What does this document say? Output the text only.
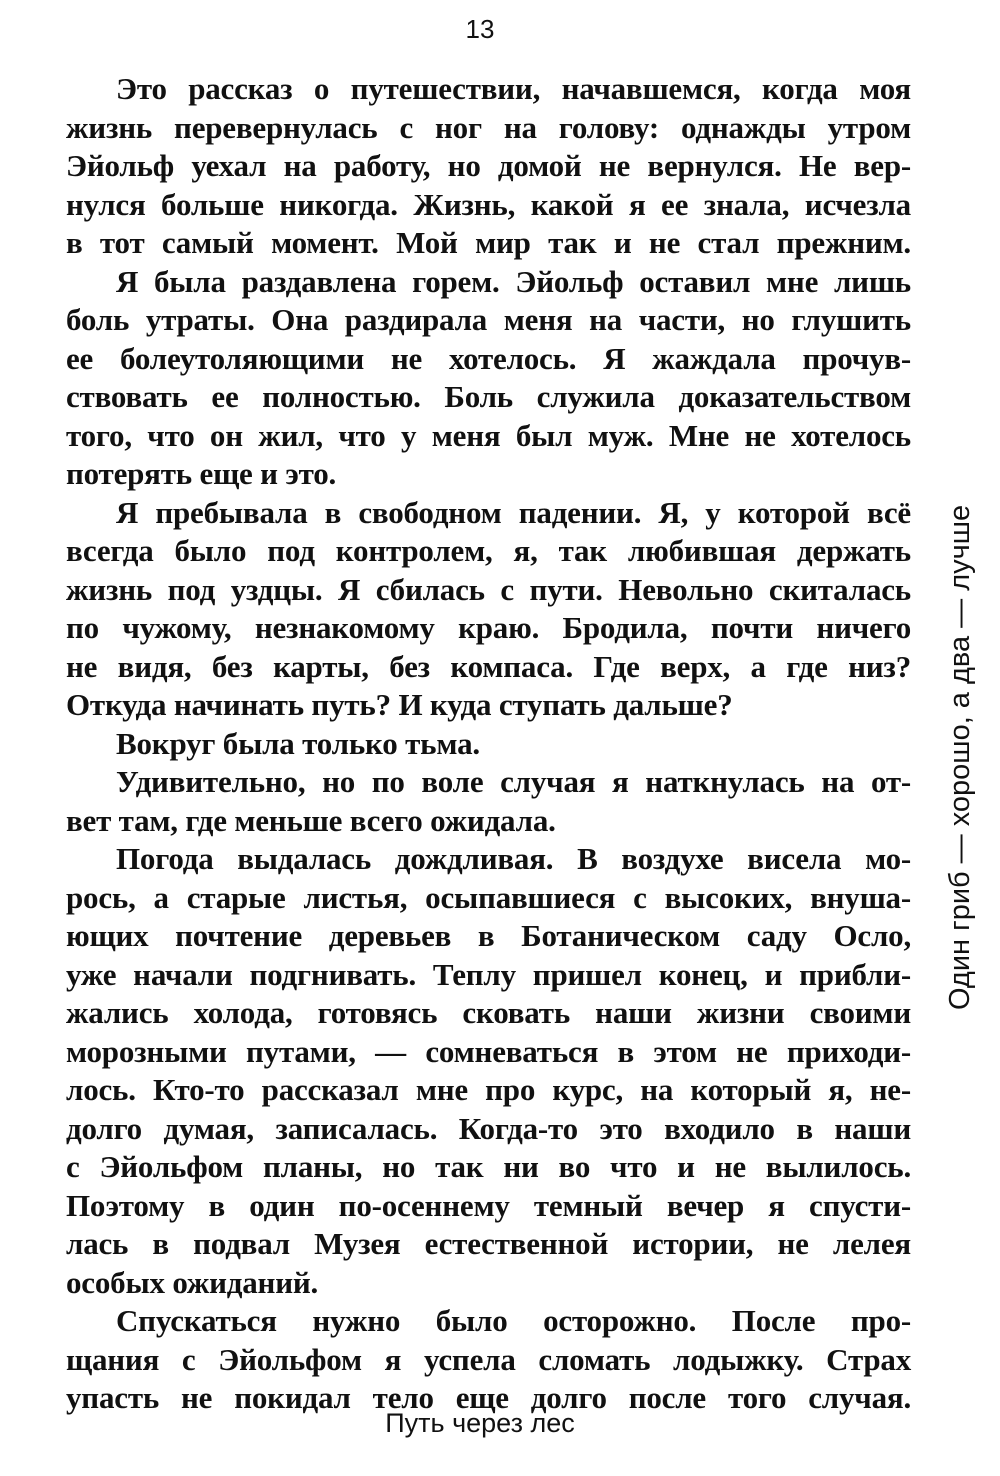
13

Это рассказ о путешествии, начавшемся, когда моя
жизнь перевернулась с ног на голову: однажды утром
Эйольф уехал на работу, но домой не вернулся. Не вер-
нулся больше никогда. Жизнь, какой я ее знала, исчезла
в тот самый момент. Мой мир так и не стал прежним.

Я была раздавлена горем. Эйольф оставил мне лишь
боль утраты. Она раздирала меня на части, но глушить
ее болеутоляющими не хотелось. Я жаждала прочув-
ствовать ее полностью. Боль служила доказательством
того, что он жил, что у меня был муж. Мне не хотелось
потерять еще и это.

Я пребывала в свободном падении. Я, у которой всё
всегда было под контролем, я, так любившая держать
жизнь под уздцы. Я сбилась с пути. Невольно скиталась
по чужому, незнакомому краю. Бродила, почти ничего
не видя, без карты, без компаса. Где верх, а где низ?
Откуда начинать путь? И куда ступать дальше?

Вокруг была только тьма.

Удивительно, но по воле случая я наткнулась на от-
вет там, где меньше всего ожидала.

Погода выдалась дождливая. В воздухе висела мо-
рось, а старые листья, осыпавшиеся с высоких, внуша-
ющих почтение деревьев в Ботаническом саду Осло,
уже начали подгнивать. Теплу пришел конец, и прибли-
жались холода, готовясь сковать наши жизни своими
морозными путами, — сомневаться в этом не приходи-
лось. Кто-то рассказал мне про курс, на который я, не-
долго думая, записалась. Когда-то это входило в наши
с Эйольфом планы, но так ни во что и не вылилось.
Поэтому в один по-осеннему темный вечер я спусти-
лась в подвал Музея естественной истории, не лелея
особых ожиданий.

Спускаться нужно было осторожно. После про-
щания с Эйольфом я успела сломать лодыжку. Страх
упасть не покидал тело еще долго после того случая.

Один гриб — хорошо, а два — лучше
Путь через лес
